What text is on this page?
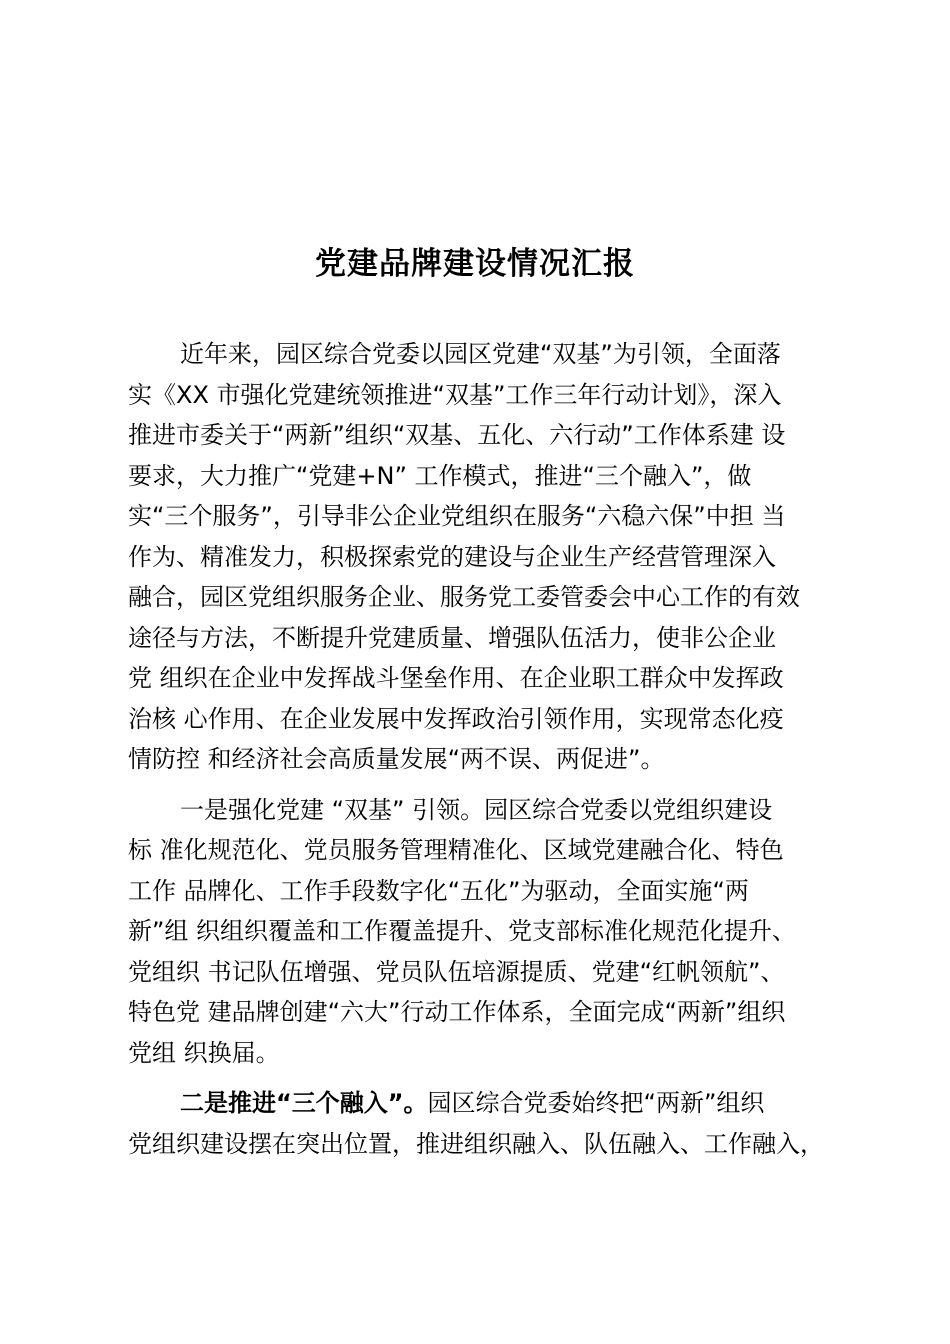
党建品牌建设情况汇报

近年来，园区综合党委以园区党建“双基”为引领，全面落
实《XX 市强化党建统领推进“双基”工作三年行动计划》，深入
推进市委关于“两新”组织“双基、五化、六行动”工作体系建 设
要求，大力推广“党建+N” 工作模式，推进“三个融入”，做
实“三个服务”，引导非公企业党组织在服务“六稳六保”中担 当
作为、精准发力，积极探索党的建设与企业生产经营管理深入
融合，园区党组织服务企业、服务党工委管委会中心工作的有效
途径与方法，不断提升党建质量、增强队伍活力，使非公企业
党 组织在企业中发挥战斗堡垒作用、在企业职工群众中发挥政
治核 心作用、在企业发展中发挥政治引领作用，实现常态化疫
情防控 和经济社会高质量发展“两不误、两促进”。

一是强化党建 “双基” 引领。园区综合党委以党组织建设
标 准化规范化、党员服务管理精准化、区域党建融合化、特色
工作 品牌化、工作手段数字化“五化”为驱动，全面实施“两
新”组 织组织覆盖和工作覆盖提升、党支部标准化规范化提升、
党组织 书记队伍增强、党员队伍培源提质、党建“红帆领航”、
特色党 建品牌创建“六大”行动工作体系，全面完成“两新”组织
党组 织换届。

二是推进“三个融入”。园区综合党委始终把“两新”组织
党组织建设摆在突出位置，推进组织融入、队伍融入、工作融入，
